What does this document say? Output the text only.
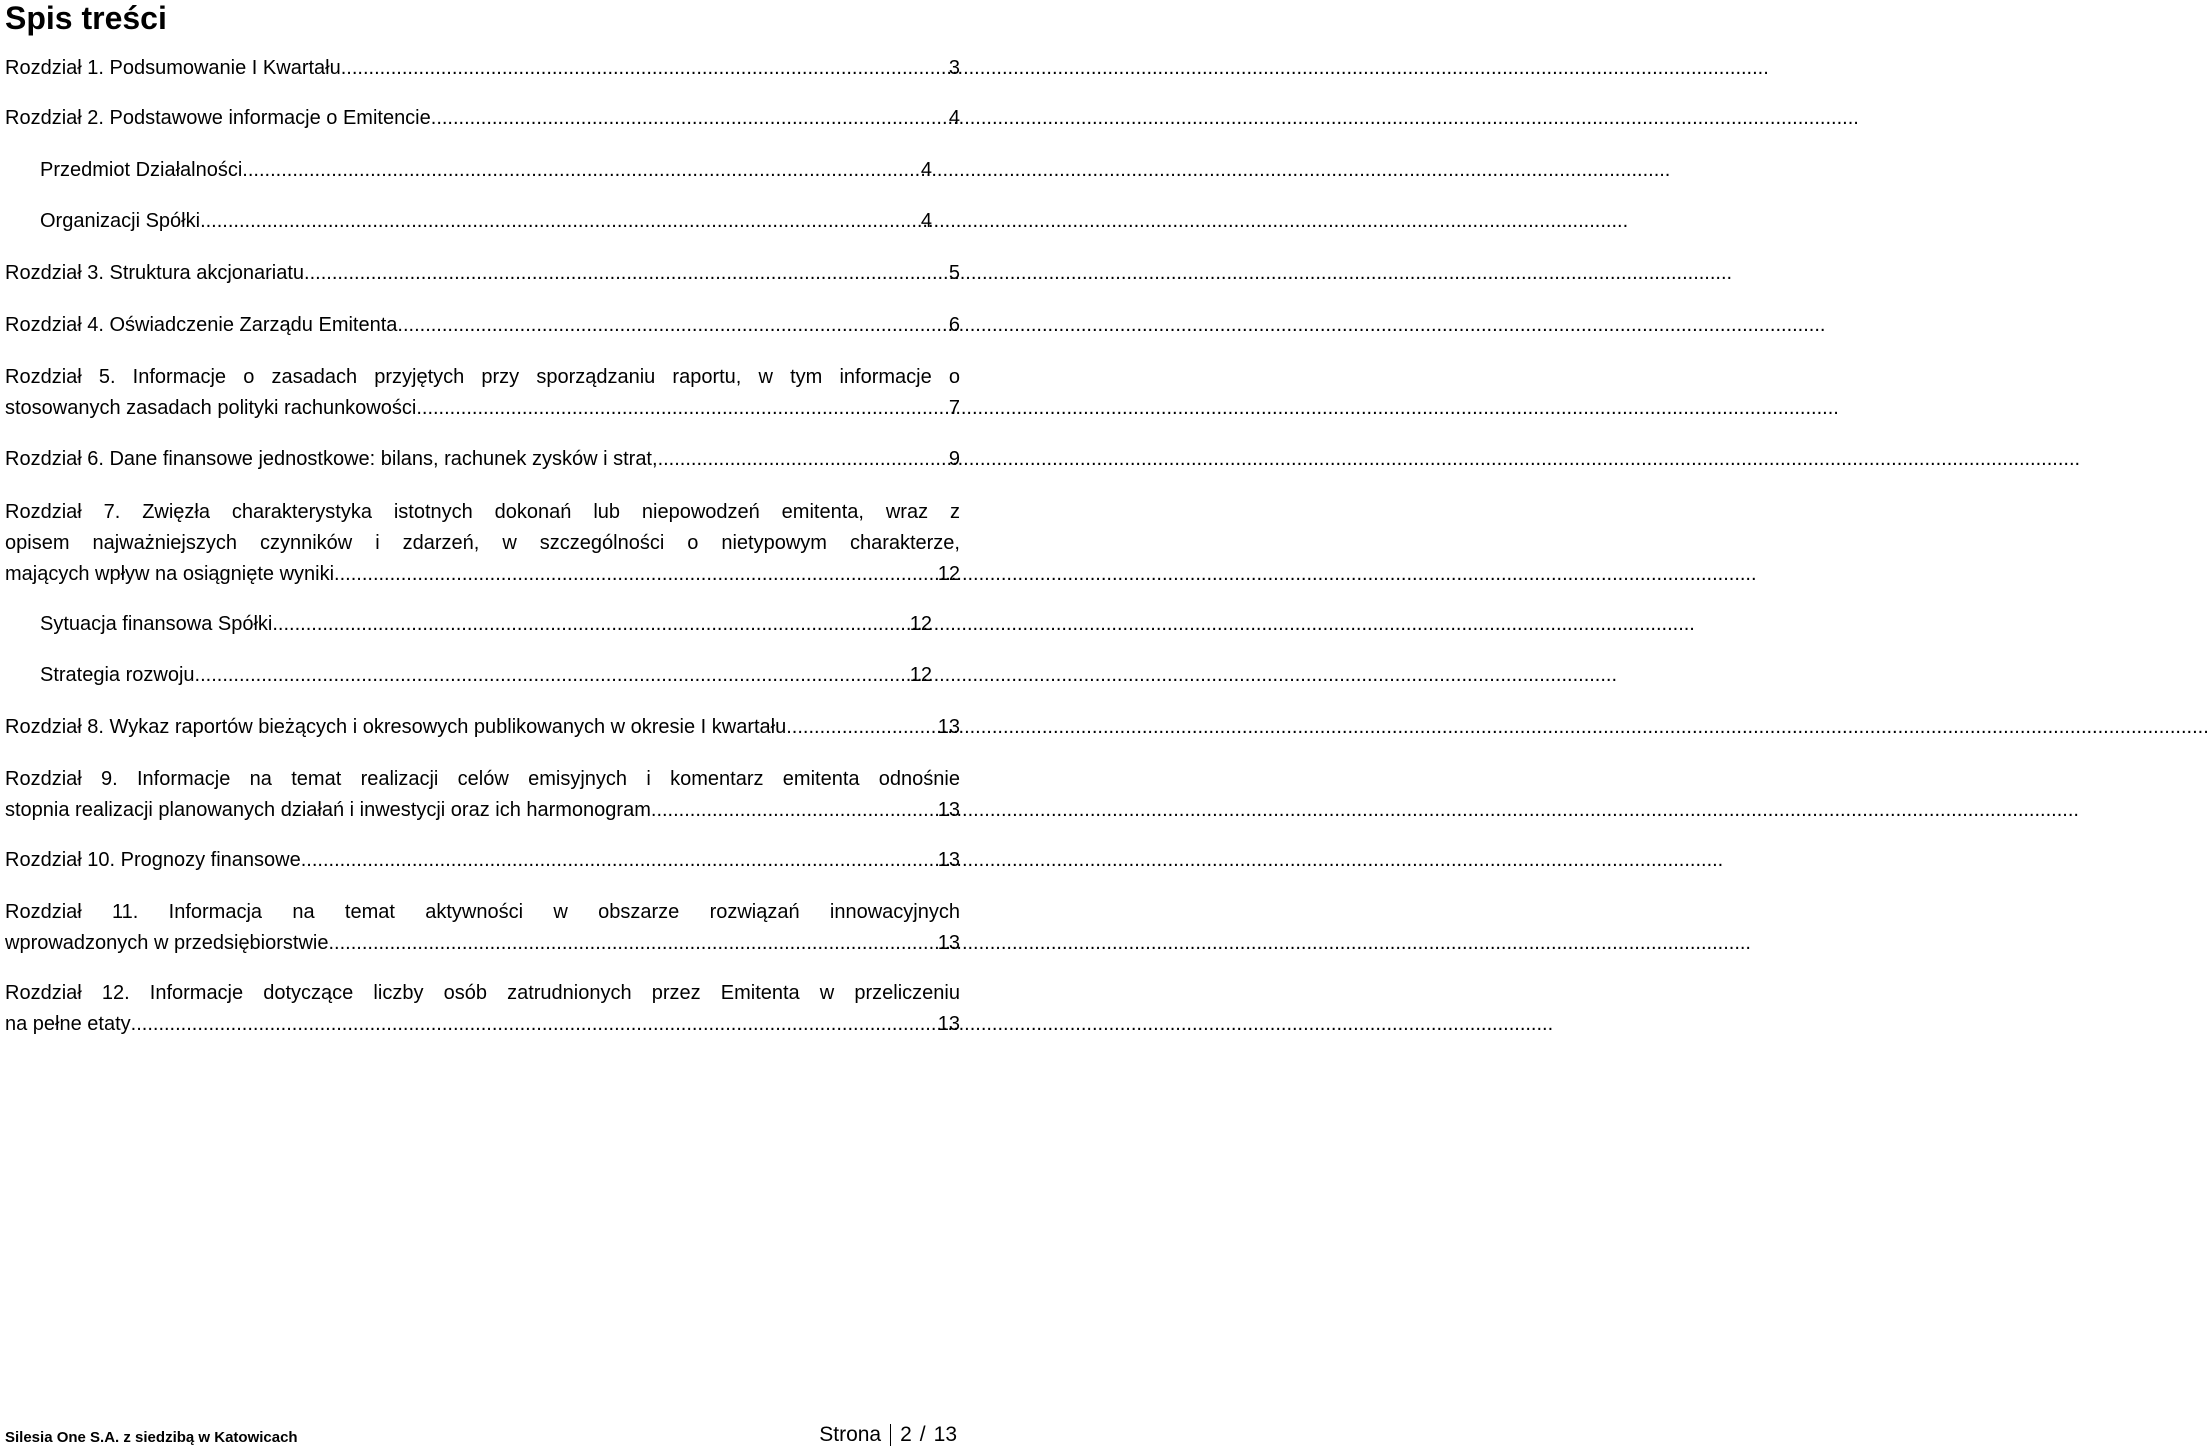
Spis treści
Rozdział 1. Podsumowanie I Kwartału. .....	3
Rozdział 2. Podstawowe informacje o Emitencie. .....	4
Przedmiot Działalności. .....	4
Organizacji Spółki. .....	4
Rozdział 3. Struktura akcjonariatu. .....	5
Rozdział 4. Oświadczenie Zarządu Emitenta. .....	6
Rozdział 5. Informacje o zasadach przyjętych przy sporządzaniu raportu, w tym informacje o
stosowanych zasadach polityki rachunkowości .....	7
Rozdział 6. Dane finansowe jednostkowe: bilans, rachunek zysków i strat, .....	9
Rozdział 7. Zwięzła charakterystyka istotnych dokonań lub niepowodzeń emitenta, wraz z
opisem najważniejszych czynników i zdarzeń, w szczególności o nietypowym charakterze,
mających wpływ na osiągnięte wyniki .....	12
Sytuacja finansowa Spółki .....	12
Strategia rozwoju .....	12
Rozdział 8. Wykaz raportów bieżących i okresowych publikowanych w okresie I kwartału .....	13
Rozdział 9. Informacje na temat realizacji celów emisyjnych i komentarz emitenta odnośnie
stopnia realizacji planowanych działań i inwestycji oraz ich harmonogram. .....	13
Rozdział 10. Prognozy finansowe .....	13
Rozdział 11. Informacja na temat aktywności w obszarze rozwiązań innowacyjnych
wprowadzonych w przedsiębiorstwie .....	13
Rozdział 12. Informacje dotyczące liczby osób zatrudnionych przez Emitenta w przeliczeniu
na pełne etaty .....	13
Silesia One S.A. z siedzibą w Katowicach	Strona 2 / 13
